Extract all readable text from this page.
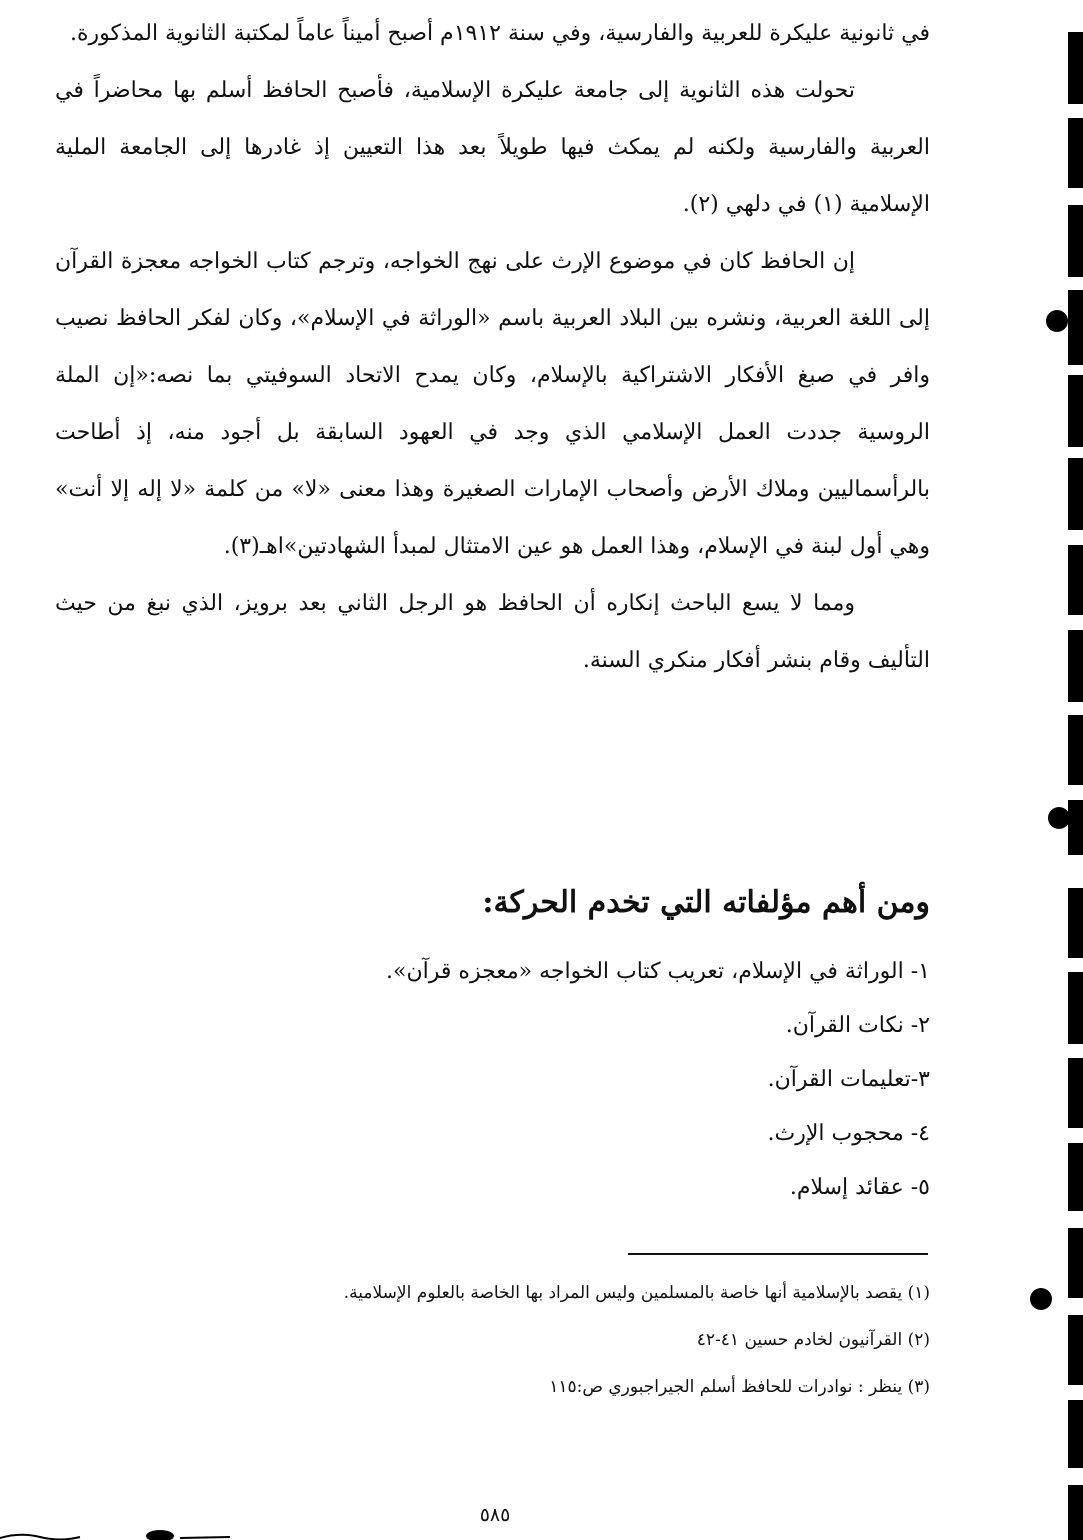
في ثانونية عليكرة للعربية والفارسية، وفي سنة ١٩١٢م أصبح أميناً عاماً لمكتبة الثانوية المذكورة.

تحولت هذه الثانوية إلى جامعة عليكرة الإسلامية، فأصبح الحافظ أسلم بها محاضراً في العربية والفارسية ولكنه لم يمكث فيها طويلاً بعد هذا التعيين إذ غادرها إلى الجامعة الملية الإسلامية (١) في دلهي (٢).

إن الحافظ كان في موضوع الإرث على نهج الخواجه، وترجم كتاب الخواجه معجزة القرآن إلى اللغة العربية، ونشره بين البلاد العربية باسم «الوراثة في الإسلام»، وكان لفكر الحافظ نصيب وافر في صبغ الأفكار الاشتراكية بالإسلام، وكان يمدح الاتحاد السوفيتي بما نصه:«إن الملة الروسية جددت العمل الإسلامي الذي وجد في العهود السابقة بل أجود منه، إذ أطاحت بالرأسماليين وملاك الأرض وأصحاب الإمارات الصغيرة وهذا معنى «لا» من كلمة «لا إله إلا أنت» وهي أول لبنة في الإسلام، وهذا العمل هو عين الامتثال لمبدأ الشهادتين»اهـ(٣).

ومما لا يسع الباحث إنكاره أن الحافظ هو الرجل الثاني بعد برويز، الذي نبغ من حيث التأليف وقام بنشر أفكار منكري السنة.

ومن أهم مؤلفاته التي تخدم الحركة:
١- الوراثة في الإسلام، تعريب كتاب الخواجه «معجزه قرآن».
٢- نكات القرآن.
٣-تعليمات القرآن.
٤- محجوب الإرث.
٥- عقائد إسلام.

(١) يقصد بالإسلامية أنها خاصة بالمسلمين وليس المراد بها الخاصة بالعلوم الإسلامية.

(٢) القرآنيون لخادم حسين ٤١-٤٢

(٣) ينظر : نوادرات للحافظ أسلم الجيراجبوري ص:١١٥

٥٨٥
